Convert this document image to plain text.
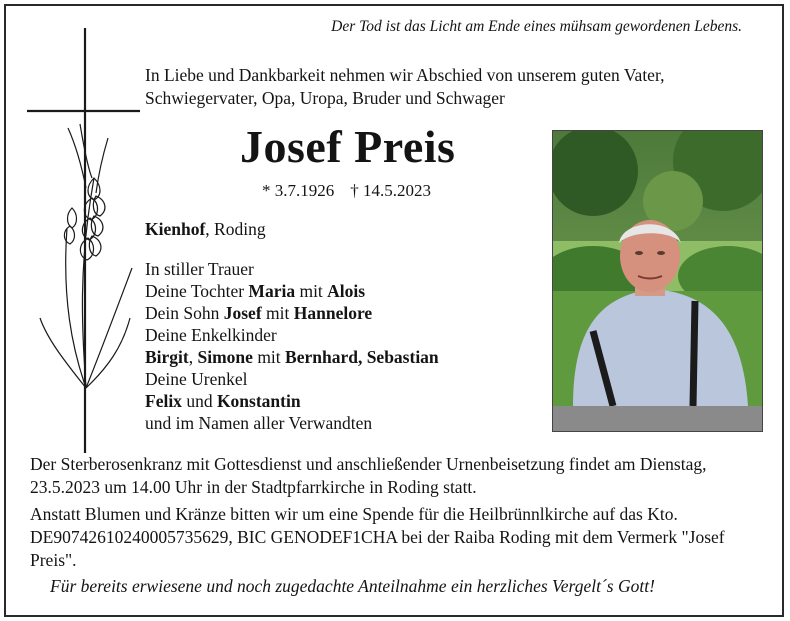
Der Tod ist das Licht am Ende eines mühsam gewordenen Lebens.
In Liebe und Dankbarkeit nehmen wir Abschied von unserem guten Vater, Schwiegervater, Opa, Uropa, Bruder und Schwager
Josef Preis
* 3.7.1926 † 14.5.2023
Kienhof, Roding
In stiller Trauer
Deine Tochter Maria mit Alois
Dein Sohn Josef mit Hannelore
Deine Enkelkinder
Birgit, Simone mit Bernhard, Sebastian
Deine Urenkel
Felix und Konstantin
und im Namen aller Verwandten
Der Sterberosenkranz mit Gottesdienst und anschließender Urnenbeisetzung findet am Dienstag, 23.5.2023 um 14.00 Uhr in der Stadtpfarrkirche in Roding statt.
Anstatt Blumen und Kränze bitten wir um eine Spende für die Heilbrünnlkirche auf das Kto. DE90742610240005735629, BIC GENODEF1CHA bei der Raiba Roding mit dem Vermerk "Josef Preis".
Für bereits erwiesene und noch zugedachte Anteilnahme ein herzliches Vergelt´s Gott!
